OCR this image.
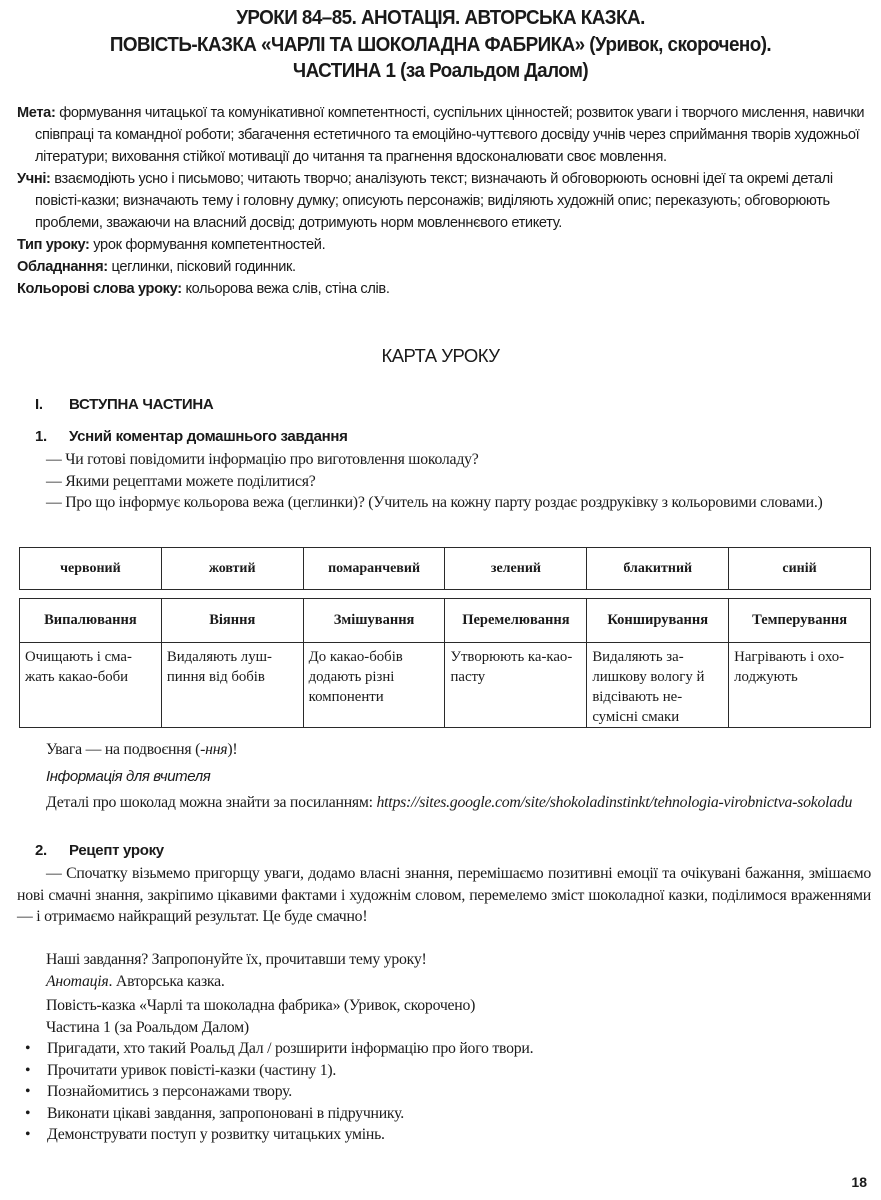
УРОКИ 84–85. АНОТАЦІЯ. АВТОРСЬКА КАЗКА.
ПОВІСТЬ-КАЗКА «ЧАРЛІ ТА ШОКОЛАДНА ФАБРИКА» (Уривок, скорочено).
ЧАСТИНА 1 (за Роальдом Далом)
Мета: формування читацької та комунікативної компетентності, суспільних цінностей; розвиток уваги і творчого мислення, навички співпраці та командної роботи; збагачення естетичного та емоційно-чуттєвого досвіду учнів через сприймання творів художньої літератури; виховання стійкої мотивації до читання та прагнення вдосконалювати своє мовлення.
Учні: взаємодіють усно і письмово; читають творчо; аналізують текст; визначають й обговорюють основні ідеї та окремі деталі повісті-казки; визначають тему і головну думку; описують персонажів; виділяють художній опис; переказують; обговорюють проблеми, зважаючи на власний досвід; дотримують норм мовленнєвого етикету.
Тип уроку: урок формування компетентностей.
Обладнання: цеглинки, пісковий годинник.
Кольорові слова уроку: кольорова вежа слів, стіна слів.
КАРТА УРОКУ
I. ВСТУПНА ЧАСТИНА
1. Усний коментар домашнього завдання

— Чи готові повідомити інформацію про виготовлення шоколаду?

— Якими рецептами можете поділитися?

— Про що інформує кольорова вежа (цеглинки)? (Учитель на кожну парту роздає роздруківку з кольоровими словами.)

червоний	жовтий	помаранчевий	зелений	блакитний	синій
Випалювання	Віяння	Змішування	Перемелювання	Конширування	Темперування
Очищають і сма-жать какао-боби	Видаляють луш-пиння від бобів	До какао-бобів додають різні компоненти	Утворюють ка-као-пасту	Видаляють за-лишкову вологу й відсівають не-сумісні смаки	Нагрівають і охо-лоджують

Увага — на подвоєння (-ння)!

Інформація для вчителя

Деталі про шоколад можна знайти за посиланням: https://sites.google.com/site/shokoladinstinkt/tehnologia-virobnictva-sokoladu

2. Рецепт уроку

— Спочатку візьмемо пригорщу уваги, додамо власні знання, перемішаємо позитивні емоції та очікувані бажання, змішаємо нові смачні знання, закріпимо цікавими фактами і художнім словом, перемелемо зміст шоколадної казки, поділимося враженнями — і отримаємо найкращий результат. Це буде смачно!

Наші завдання? Запропонуйте їх, прочитавши тему уроку!

Анотація. Авторська казка.

Повість-казка «Чарлі та шоколадна фабрика» (Уривок, скорочено)

Частина 1 (за Роальдом Далом)

• Пригадати, хто такий Роальд Дал / розширити інформацію про його твори.
• Прочитати уривок повісті-казки (частину 1).
• Познайомитись з персонажами твору.
• Виконати цікаві завдання, запропоновані в підручнику.
• Демонструвати поступ у розвитку читацьких умінь.
18
